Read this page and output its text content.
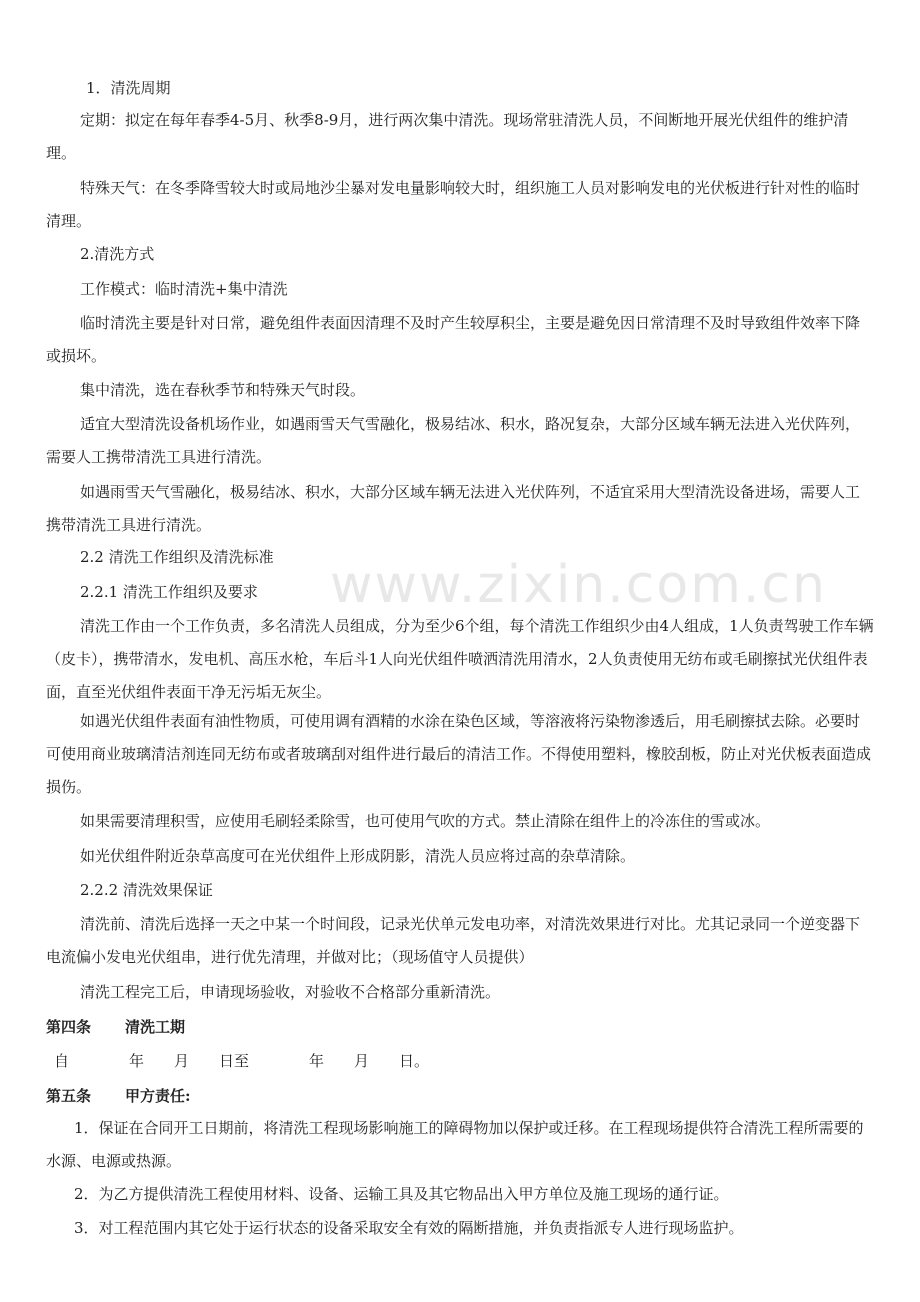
www.zixin.com.cn
1．清洗周期

定期：拟定在每年春季4-5月、秋季8-9月，进行两次集中清洗。现场常驻清洗人员，不间断地开展光伏组件的维护清理。

特殊天气：在冬季降雪较大时或局地沙尘暴对发电量影响较大时，组织施工人员对影响发电的光伏板进行针对性的临时清理。

2.清洗方式
工作模式：临时清洗+集中清洗

临时清洗主要是针对日常，避免组件表面因清理不及时产生较厚积尘，主要是避免因日常清理不及时导致组件效率下降或损坏。

集中清洗，选在春秋季节和特殊天气时段。

适宜大型清洗设备机场作业，如遇雨雪天气雪融化，极易结冰、积水，路况复杂，大部分区域车辆无法进入光伏阵列，需要人工携带清洗工具进行清洗。

如遇雨雪天气雪融化，极易结冰、积水，大部分区域车辆无法进入光伏阵列，不适宜采用大型清洗设备进场，需要人工携带清洗工具进行清洗。

2.2 清洗工作组织及清洗标准
2.2.1 清洗工作组织及要求

清洗工作由一个工作负责，多名清洗人员组成，分为至少6个组，每个清洗工作组织少由4人组成，1人负责驾驶工作车辆（皮卡），携带清水，发电机、高压水枪，车后斗1人向光伏组件喷洒清洗用清水，2人负责使用无纺布或毛刷擦拭光伏组件表面，直至光伏组件表面干净无污垢无灰尘。

如遇光伏组件表面有油性物质，可使用调有酒精的水涂在染色区域，等溶液将污染物渗透后，用毛刷擦拭去除。必要时可使用商业玻璃清洁剂连同无纺布或者玻璃刮对组件进行最后的清洁工作。不得使用塑料，橡胶刮板，防止对光伏板表面造成损伤。

如果需要清理积雪，应使用毛刷轻柔除雪，也可使用气吹的方式。禁止清除在组件上的冷冻住的雪或冰。
如光伏组件附近杂草高度可在光伏组件上形成阴影，清洗人员应将过高的杂草清除。
2.2.2 清洗效果保证

清洗前、清洗后选择一天之中某一个时间段，记录光伏单元发电功率，对清洗效果进行对比。尤其记录同一个逆变器下电流偏小发电光伏组串，进行优先清理，并做对比；（现场值守人员提供）

清洗工程完工后，申请现场验收，对验收不合格部分重新清洗。
第四条 清洗工期
自　　　　年　　月　　日至　　　　年　　月　　日。
第五条 甲方责任:

1．保证在合同开工日期前，将清洗工程现场影响施工的障碍物加以保护或迁移。在工程现场提供符合清洗工程所需要的水源、电源或热源。

2．为乙方提供清洗工程使用材料、设备、运输工具及其它物品出入甲方单位及施工现场的通行证。
3．对工程范围内其它处于运行状态的设备采取安全有效的隔断措施，并负责指派专人进行现场监护。
